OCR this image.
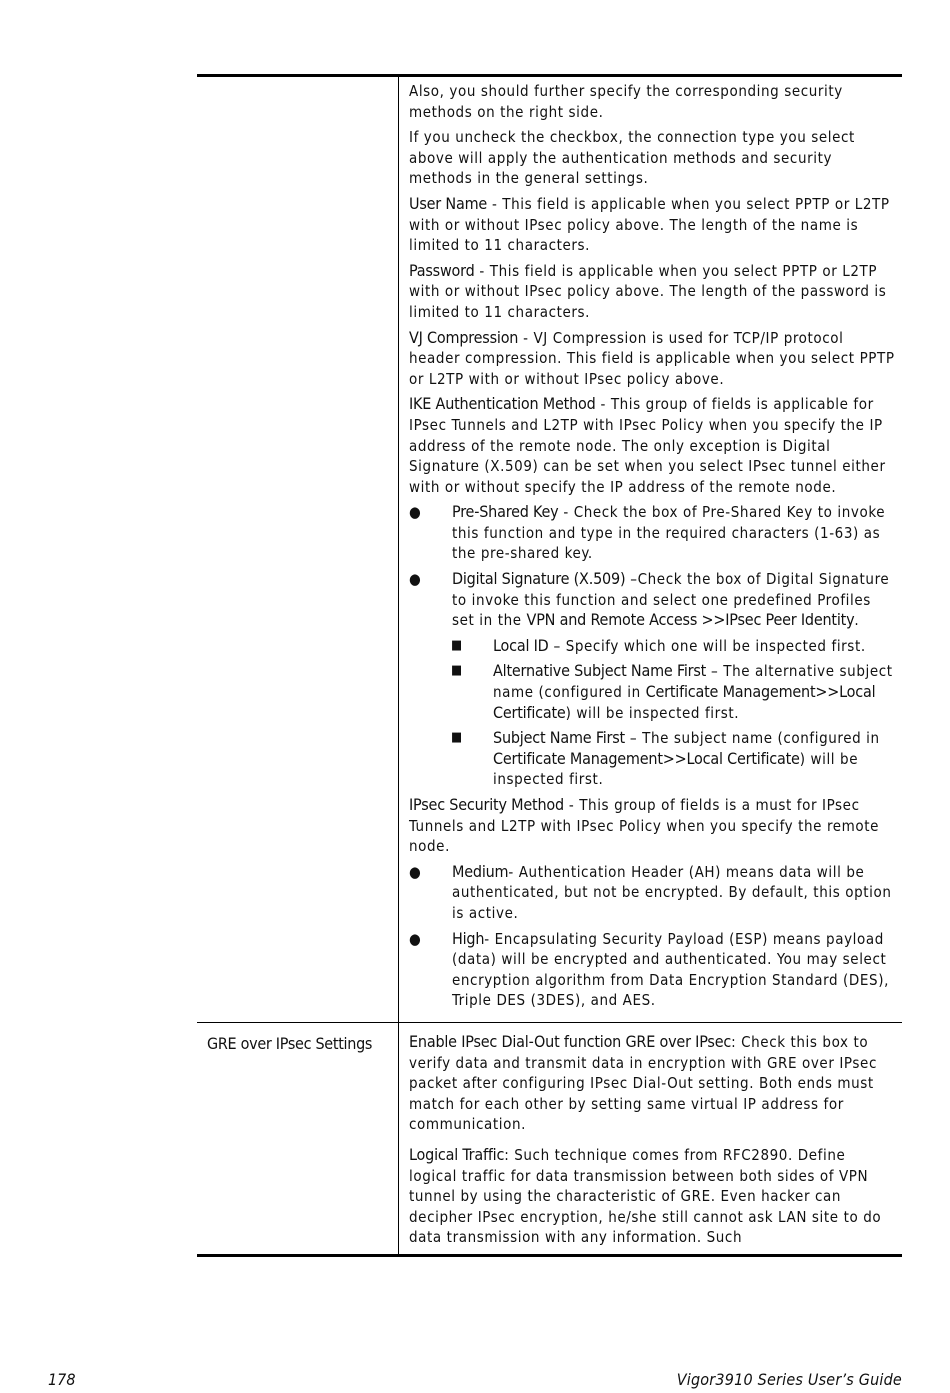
Also, you should further specify the corresponding security methods on the right side.

If you uncheck the checkbox, the connection type you select above will apply the authentication methods and security methods in the general settings.

User Name - This field is applicable when you select PPTP or L2TP with or without IPsec policy above. The length of the name is limited to 11 characters.

Password - This field is applicable when you select PPTP or L2TP with or without IPsec policy above. The length of the password is limited to 11 characters.

VJ Compression - VJ Compression is used for TCP/IP protocol header compression. This field is applicable when you select PPTP or L2TP with or without IPsec policy above.

IKE Authentication Method - This group of fields is applicable for IPsec Tunnels and L2TP with IPsec Policy when you specify the IP address of the remote node. The only exception is Digital Signature (X.509) can be set when you select IPsec tunnel either with or without specify the IP address of the remote node.

●	Pre-Shared Key - Check the box of Pre-Shared Key to invoke this function and type in the required characters (1-63) as the pre-shared key.
●	Digital Signature (X.509) –Check the box of Digital Signature to invoke this function and select one predefined Profiles set in the VPN and Remote Access >>IPsec Peer Identity.
■	Local ID – Specify which one will be inspected first.
■	Alternative Subject Name First – The alternative subject name (configured in Certificate Management>>Local Certificate) will be inspected first.
■	Subject Name First – The subject name (configured in Certificate Management>>Local Certificate) will be inspected first.

IPsec Security Method - This group of fields is a must for IPsec Tunnels and L2TP with IPsec Policy when you specify the remote node.

●	Medium- Authentication Header (AH) means data will be authenticated, but not be encrypted. By default, this option is active.
●	High- Encapsulating Security Payload (ESP) means payload (data) will be encrypted and authenticated. You may select encryption algorithm from Data Encryption Standard (DES), Triple DES (3DES), and AES.
GRE over IPsec Settings	Enable IPsec Dial-Out function GRE over IPsec: Check this box to verify data and transmit data in encryption with GRE over IPsec packet after configuring IPsec Dial-Out setting. Both ends must match for each other by setting same virtual IP address for communication.

Logical Traffic: Such technique comes from RFC2890. Define logical traffic for data transmission between both sides of VPN tunnel by using the characteristic of GRE. Even hacker can decipher IPsec encryption, he/she still cannot ask LAN site to do data transmission with any information. Such

178	Vigor3910 Series User’s Guide
